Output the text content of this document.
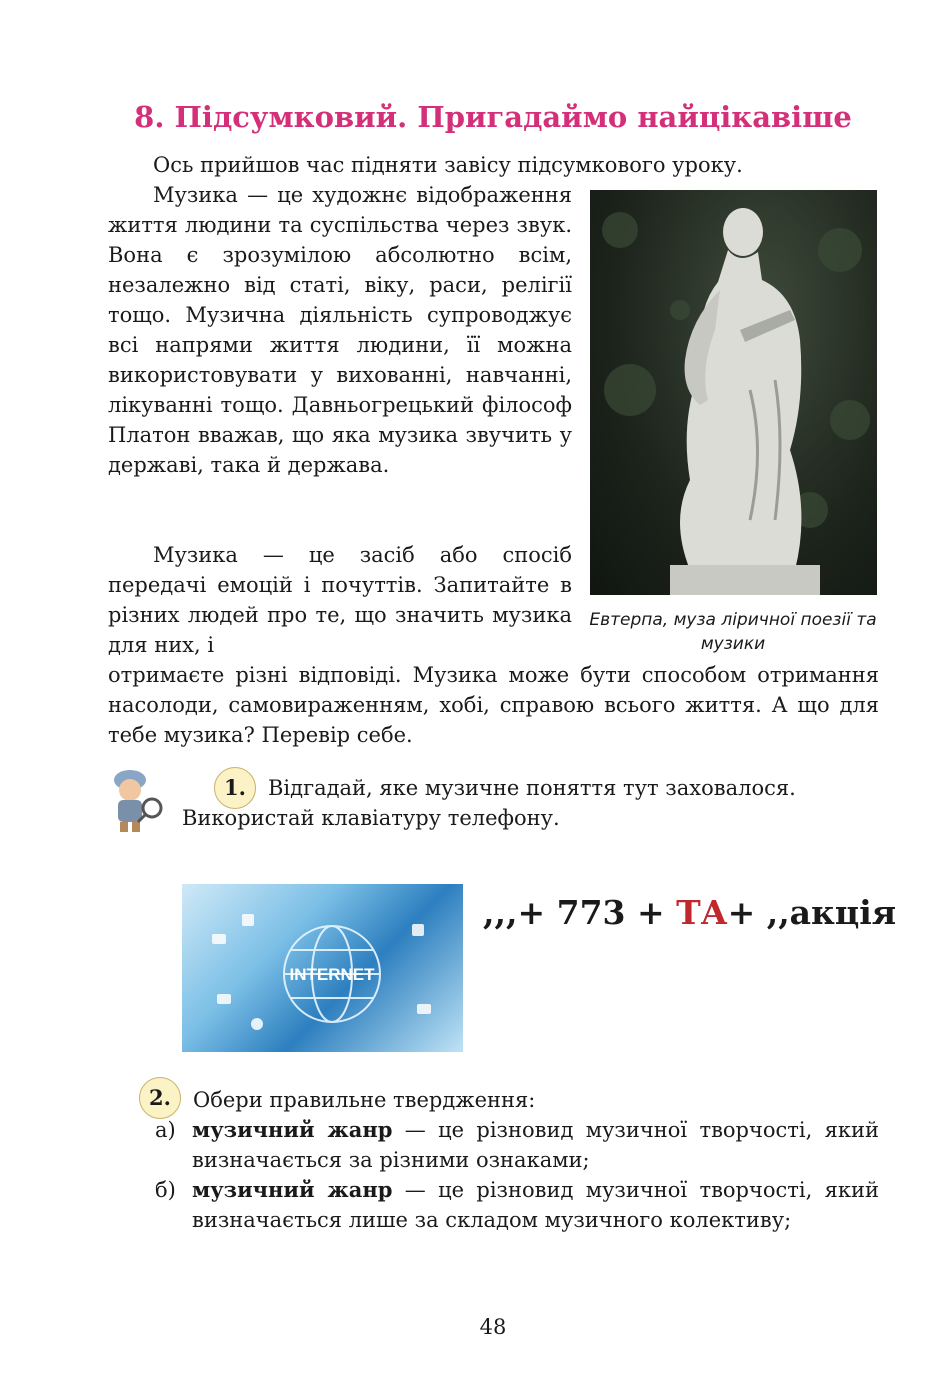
8. Підсумковий. Пригадаймо найцікавіше
Ось прийшов час підняти завісу підсумкового уроку.
Музика — це художнє відображення життя людини та суспільства через звук. Вона є зрозумілою абсолютно всім, незалежно від статі, віку, раси, релігії тощо. Музична діяльність супроводжує всі напрями життя людини, її можна використовувати у вихованні, навчанні, лікуванні тощо. Давньогрецький філософ Платон вважав, що яка музика звучить у державі, така й держава.
Музика — це засіб або спосіб передачі емоцій і почуттів. Запитайте в різних людей про те, що значить музика для них, і
отримаєте різні відповіді. Музика може бути способом отримання насолоди, самовираженням, хобі, справою всього життя. А що для тебе музика? Перевір себе.
Евтерпа, муза ліричної поезії та музики
1.	Відгадай, яке музичне поняття тут заховалося.
Використай клавіатуру телефону.
INTERNET
,,,+ 773 + ТА+ ,,акція
2.	Обери правильне твердження:
а) музичний жанр — це різновид музичної творчості, який визначається за різними ознаками;
б) музичний жанр — це різновид музичної творчості, який визначається лише за складом музичного колективу;
48
